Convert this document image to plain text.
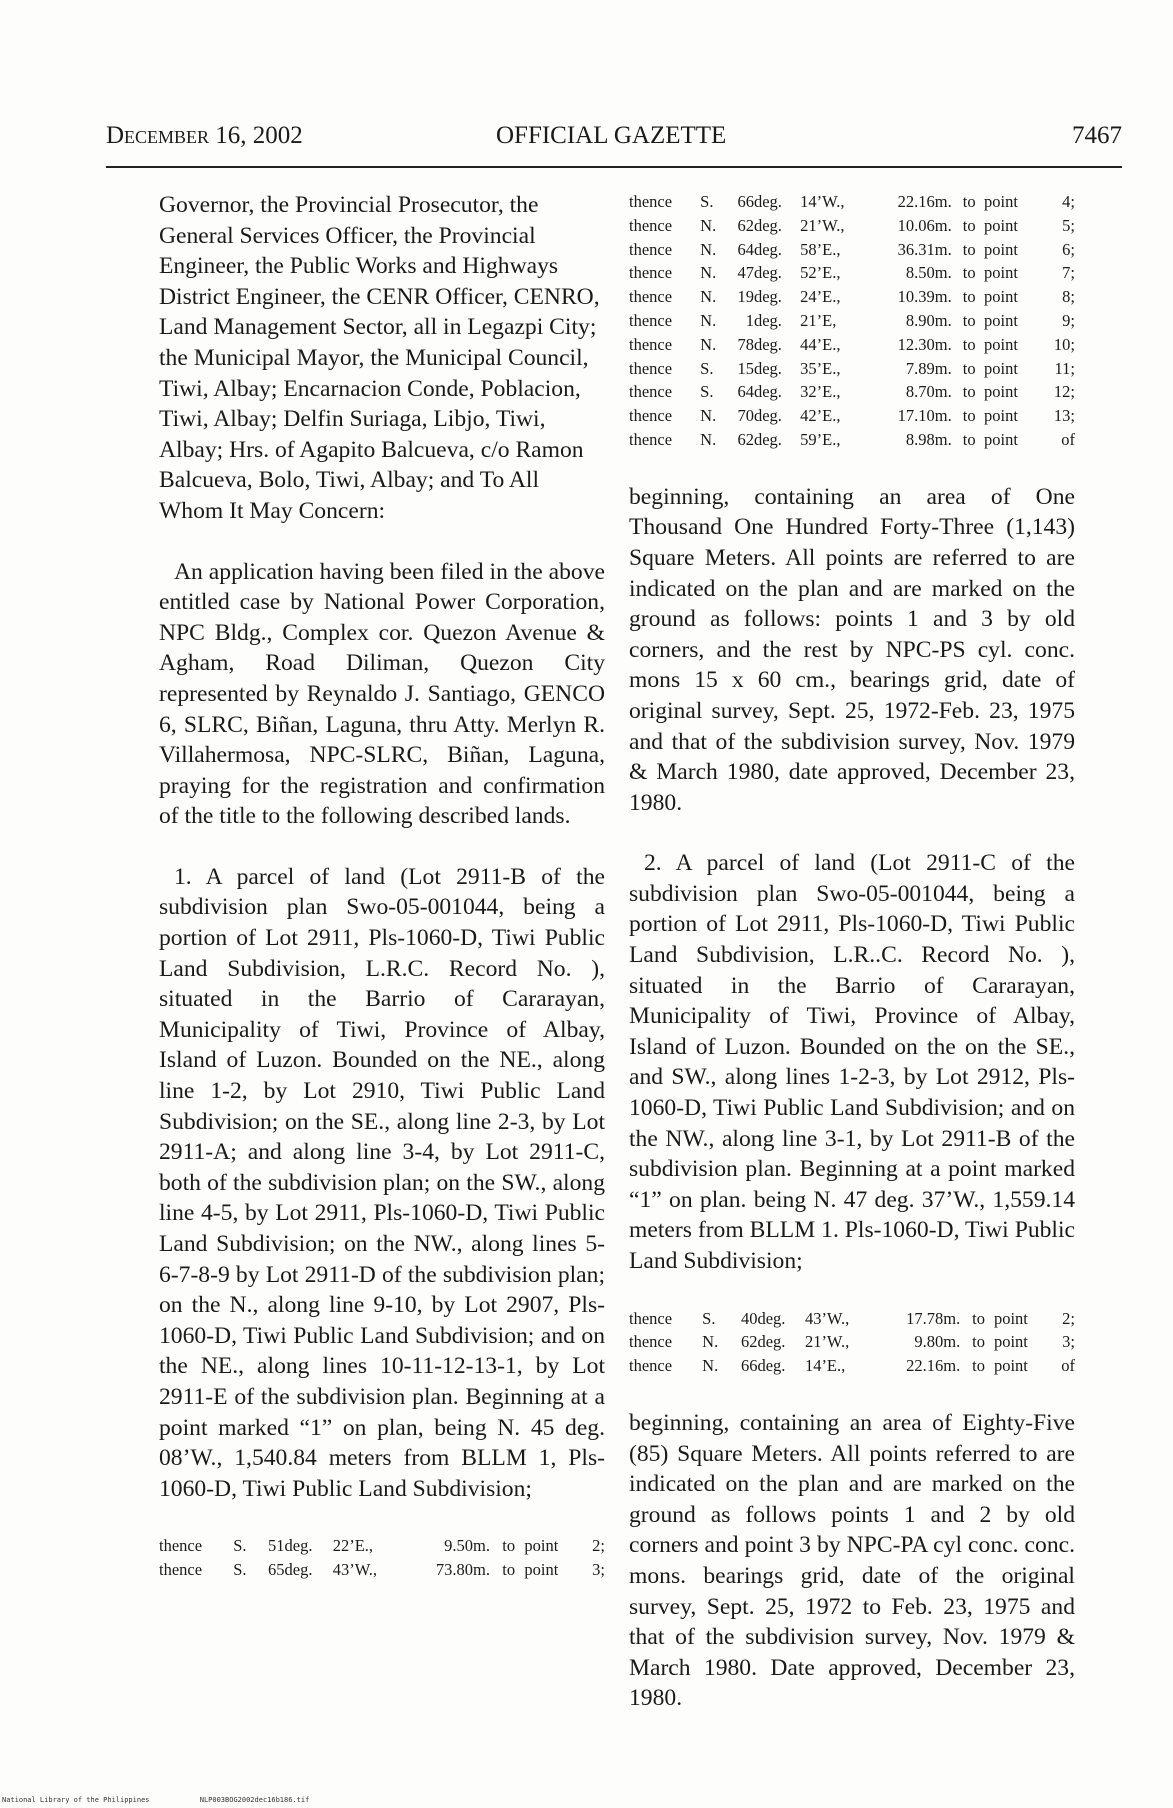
December 16, 2002	OFFICIAL GAZETTE	7467

Governor, the Provincial Prosecutor, the General Services Officer, the Provincial Engineer, the Public Works and Highways District Engineer, the CENR Officer, CENRO, Land Management Sector, all in Legazpi City; the Municipal Mayor, the Municipal Council, Tiwi, Albay; Encarnacion Conde, Poblacion, Tiwi, Albay; Delfin Suriaga, Libjo, Tiwi, Albay; Hrs. of Agapito Balcueva, c/o Ramon Balcueva, Bolo, Tiwi, Albay; and To All Whom It May Concern:

An application having been filed in the above entitled case by National Power Corporation, NPC Bldg., Complex cor. Quezon Avenue & Agham, Road Diliman, Quezon City represented by Reynaldo J. Santiago, GENCO 6, SLRC, Biñan, Laguna, thru Atty. Merlyn R. Villahermosa, NPC-SLRC, Biñan, Laguna, praying for the registration and confirmation of the title to the following described lands.

1. A parcel of land (Lot 2911-B of the subdivision plan Swo-05-001044, being a portion of Lot 2911, Pls-1060-D, Tiwi Public Land Subdivision, L.R.C. Record No. ), situated in the Barrio of Cararayan, Municipality of Tiwi, Province of Albay, Island of Luzon. Bounded on the NE., along line 1-2, by Lot 2910, Tiwi Public Land Subdivision; on the SE., along line 2-3, by Lot 2911-A; and along line 3-4, by Lot 2911-C, both of the subdivision plan; on the SW., along line 4-5, by Lot 2911, Pls-1060-D, Tiwi Public Land Subdivision; on the NW., along lines 5-6-7-8-9 by Lot 2911-D of the subdivision plan; on the N., along line 9-10, by Lot 2907, Pls-1060-D, Tiwi Public Land Subdivision; and on the NE., along lines 10-11-12-13-1, by Lot 2911-E of the subdivision plan. Beginning at a point marked “1” on plan, being N. 45 deg. 08’W., 1,540.84 meters from BLLM 1, Pls-1060-D, Tiwi Public Land Subdivision;

thence	S.	51	deg.	22’E.,	9.50	m.	to	point	2;
thence	S.	65	deg.	43’W.,	73.80	m.	to	point	3;
thence	S.	66	deg.	14’W.,	22.16	m.	to	point	4;
thence	N.	62	deg.	21’W.,	10.06	m.	to	point	5;
thence	N.	64	deg.	58’E.,	36.31	m.	to	point	6;
thence	N.	47	deg.	52’E.,	8.50	m.	to	point	7;
thence	N.	19	deg.	24’E.,	10.39	m.	to	point	8;
thence	N.	1	deg.	21’E,	8.90	m.	to	point	9;
thence	N.	78	deg.	44’E.,	12.30	m.	to	point	10;
thence	S.	15	deg.	35’E.,	7.89	m.	to	point	11;
thence	S.	64	deg.	32’E.,	8.70	m.	to	point	12;
thence	N.	70	deg.	42’E.,	17.10	m.	to	point	13;
thence	N.	62	deg.	59’E.,	8.98	m.	to	point	of

beginning, containing an area of One Thousand One Hundred Forty-Three (1,143) Square Meters. All points are referred to are indicated on the plan and are marked on the ground as follows: points 1 and 3 by old corners, and the rest by NPC-PS cyl. conc. mons 15 x 60 cm., bearings grid, date of original survey, Sept. 25, 1972-Feb. 23, 1975 and that of the subdivision survey, Nov. 1979 & March 1980, date approved, December 23, 1980.

2. A parcel of land (Lot 2911-C of the subdivision plan Swo-05-001044, being a portion of Lot 2911, Pls-1060-D, Tiwi Public Land Subdivision, L.R..C. Record No. ), situated in the Barrio of Cararayan, Municipality of Tiwi, Province of Albay, Island of Luzon. Bounded on the on the SE., and SW., along lines 1-2-3, by Lot 2912, Pls-1060-D, Tiwi Public Land Subdivision; and on the NW., along line 3-1, by Lot 2911-B of the subdivision plan. Beginning at a point marked “1” on plan. being N. 47 deg. 37’W., 1,559.14 meters from BLLM 1. Pls-1060-D, Tiwi Public Land Subdivision;

thence	S.	40	deg.	43’W.,	17.78	m.	to	point	2;
thence	N.	62	deg.	21’W.,	9.80	m.	to	point	3;
thence	N.	66	deg.	14’E.,	22.16	m.	to	point	of

beginning, containing an area of Eighty-Five (85) Square Meters. All points referred to are indicated on the plan and are marked on the ground as follows points 1 and 2 by old corners and point 3 by NPC-PA cyl conc. conc. mons. bearings grid, date of the original survey, Sept. 25, 1972 to Feb. 23, 1975 and that of the subdivision survey, Nov. 1979 & March 1980. Date approved, December 23, 1980.

National Library of the Philippines	NLP003BOG2002dec16b186.tif
